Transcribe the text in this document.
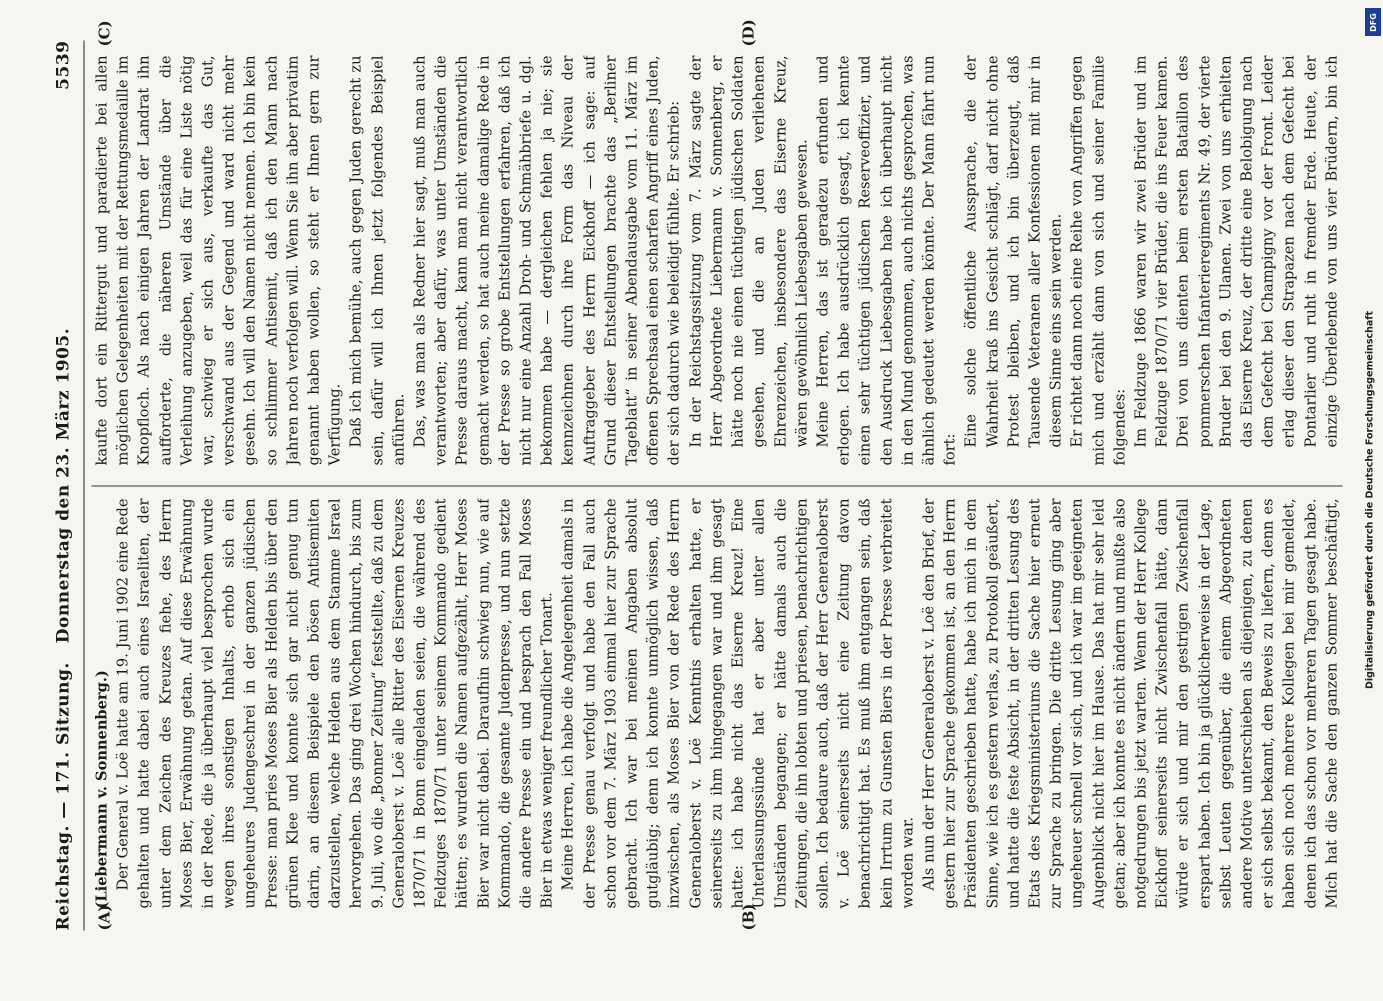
Reichstag. — 171. Sitzung.
Donnerstag den 23. März 1905.
5539
(A)	(B)
(C)	(D)

(Liebermann v. Sonnenberg.) Der General v. Loë hatte am 19. Juni 1902 eine Rede gehalten und hatte dabei auch eines Israeliten, der unter dem Zeichen des Kreuzes fiehe, des Herrn Moses Bier, Erwähnung getan. Auf diese Erwähnung in der Rede, die ja überhaupt viel besprochen wurde wegen ihres sonstigen Inhalts, erhob sich ein ungeheures Judengeschrei in der ganzen jüdischen Presse: man pries Moses Bier als Helden bis über den grünen Klee und konnte sich gar nicht genug tun darin, an diesem Beispiele den bösen Antisemiten darzustellen, welche Helden aus dem Stamme Israel hervorgehen. Das ging drei Wochen hindurch, bis zum 9. Juli, wo die „Bonner Zeitung“ feststellte, daß zu dem Generaloberst v. Loë alle Ritter des Eisernen Kreuzes 1870/71 in Bonn eingeladen seien, die während des Feldzuges 1870/71 unter seinem Kommando gedient hätten; es wurden die Namen aufgezählt, Herr Moses Bier war nicht dabei. Daraufhin schwieg nun, wie auf Kommando, die gesamte Judenpresse, und nun setzte die andere Presse ein und besprach den Fall Moses Bier in etwas weniger freundlicher Tonart. Meine Herren, ich habe die Angelegenheit damals in der Presse genau verfolgt und habe den Fall auch schon vor dem 7. März 1903 einmal hier zur Sprache gebracht. Ich war bei meinen Angaben absolut gutgläubig; denn ich konnte unmöglich wissen, daß inzwischen, als Moses Bier von der Rede des Herrn Generaloberst v. Loë Kenntnis erhalten hatte, er seinerseits zu ihm hingegangen war und ihm gesagt hatte: ich habe nicht das Eiserne Kreuz! Eine Unterlassungssünde hat er aber unter allen Umständen begangen; er hätte damals auch die Zeitungen, die ihn lobten und priesen, benachrichtigen sollen. Ich bedaure auch, daß der Herr Generaloberst v. Loë seinerseits nicht eine Zeitung davon benachrichtigt hat. Es muß ihm entgangen sein, daß kein Irrtum zu Gunsten Biers in der Presse verbreitet worden war. Als nun der Herr Generaloberst v. Loë den Brief, der gestern hier zur Sprache gekommen ist, an den Herrn Präsidenten geschrieben hatte, habe ich mich in dem Sinne, wie ich es gestern verlas, zu Protokoll geäußert, und hatte die feste Absicht, in der dritten Lesung des Etats des Kriegsministeriums die Sache hier erneut zur Sprache zu bringen. Die dritte Lesung ging aber ungeheuer schnell vor sich, und ich war im geeigneten Augenblick nicht hier im Hause. Das hat mir sehr leid getan; aber ich konnte es nicht ändern und mußte also notgedrungen bis jetzt warten. Wenn der Herr Kollege Eickhoff seinerseits nicht Zwischenfall hätte, dann würde er sich und mir den gestrigen Zwischenfall erspart haben. Ich bin ja glücklicherweise in der Lage, selbst Leuten gegenüber, die einem Abgeordneten andere Motive unterschieben als diejenigen, zu denen er sich selbst bekannt, den Beweis zu liefern, denn es haben sich noch mehrere Kollegen bei mir gemeldet, denen ich das schon vor mehreren Tagen gesagt habe. Mich hat die Sache den ganzen Sommer beschäftigt,

kaufte dort ein Rittergut und paradierte bei allen möglichen Gelegenheiten mit der Rettungsmedaille im Knopfloch. Als nach einigen Jahren der Landrat ihn aufforderte, die näheren Umstände über die Verleihung anzugeben, weil das für eine Liste nötig war, schwieg er sich aus, verkaufte das Gut, verschwand aus der Gegend und ward nicht mehr gesehn. Ich will den Namen nicht nennen. Ich bin kein so schlimmer Antisemit, daß ich den Mann nach Jahren noch verfolgen will. Wenn Sie ihn aber privatim genannt haben wollen, so steht er Ihnen gern zur Verfügung. Daß ich mich bemühe, auch gegen Juden gerecht zu sein, dafür will ich Ihnen jetzt folgendes Beispiel anführen. Das, was man als Redner hier sagt, muß man auch verantworten; aber dafür, was unter Umständen die Presse daraus macht, kann man nicht verantwortlich gemacht werden, so hat auch meine damalige Rede in der Presse so grobe Entstellungen erfahren, daß ich nicht nur eine Anzahl Droh- und Schmähbriefe u. dgl. bekommen habe — dergleichen fehlen ja nie; sie kennzeichnen durch ihre Form das Niveau der Auftraggeber des Herrn Eickhoff — ich sage: auf Grund dieser Entstellungen brachte das „Berliner Tageblatt“ in seiner Abendausgabe vom 11. März im offenen Sprechsaal einen scharfen Angriff eines Juden, der sich dadurch wie beleidigt fühlte. Er schrieb: In der Reichstagssitzung vom 7. März sagte der Herr Abgeordnete Liebermann v. Sonnenberg, er hätte noch nie einen tüchtigen jüdischen Soldaten gesehen, und die an Juden verliehenen Ehrenzeichen, insbesondere das Eiserne Kreuz, wären gewöhnlich Liebesgaben gewesen. Meine Herren, das ist geradezu erfunden und erlogen. Ich habe ausdrücklich gesagt, ich kennte einen sehr tüchtigen jüdischen Reserveoffizier, und den Ausdruck Liebesgaben habe ich überhaupt nicht in den Mund genommen, auch nichts gesprochen, was ähnlich gedeutet werden könnte. Der Mann fährt nun fort:

Eine solche öffentliche Aussprache, die der Wahrheit kraß ins Gesicht schlägt, darf nicht ohne Protest bleiben, und ich bin überzeugt, daß Tausende Veteranen aller Konfessionen mit mir in diesem Sinne eins sein werden. Er richtet dann noch eine Reihe von Angriffen gegen mich und erzählt dann von sich und seiner Familie folgendes: Im Feldzuge 1866 waren wir zwei Brüder und im Feldzuge 1870/71 vier Brüder, die ins Feuer kamen. Drei von uns dienten beim ersten Bataillon des pommerschen Infanterieregiments Nr. 49, der vierte Bruder bei den 9. Ulanen. Zwei von uns erhielten das Eiserne Kreuz, der dritte eine Belobigung nach dem Gefecht bei Champigny vor der Front. Leider erlag dieser den Strapazen nach dem Gefecht bei Pontarlier und ruht in fremder Erde. Heute, der einzige Überlebende von uns vier Brüdern, bin ich

DFG
Digitalisierung gefördert durch die Deutsche Forschungsgemeinschaft
